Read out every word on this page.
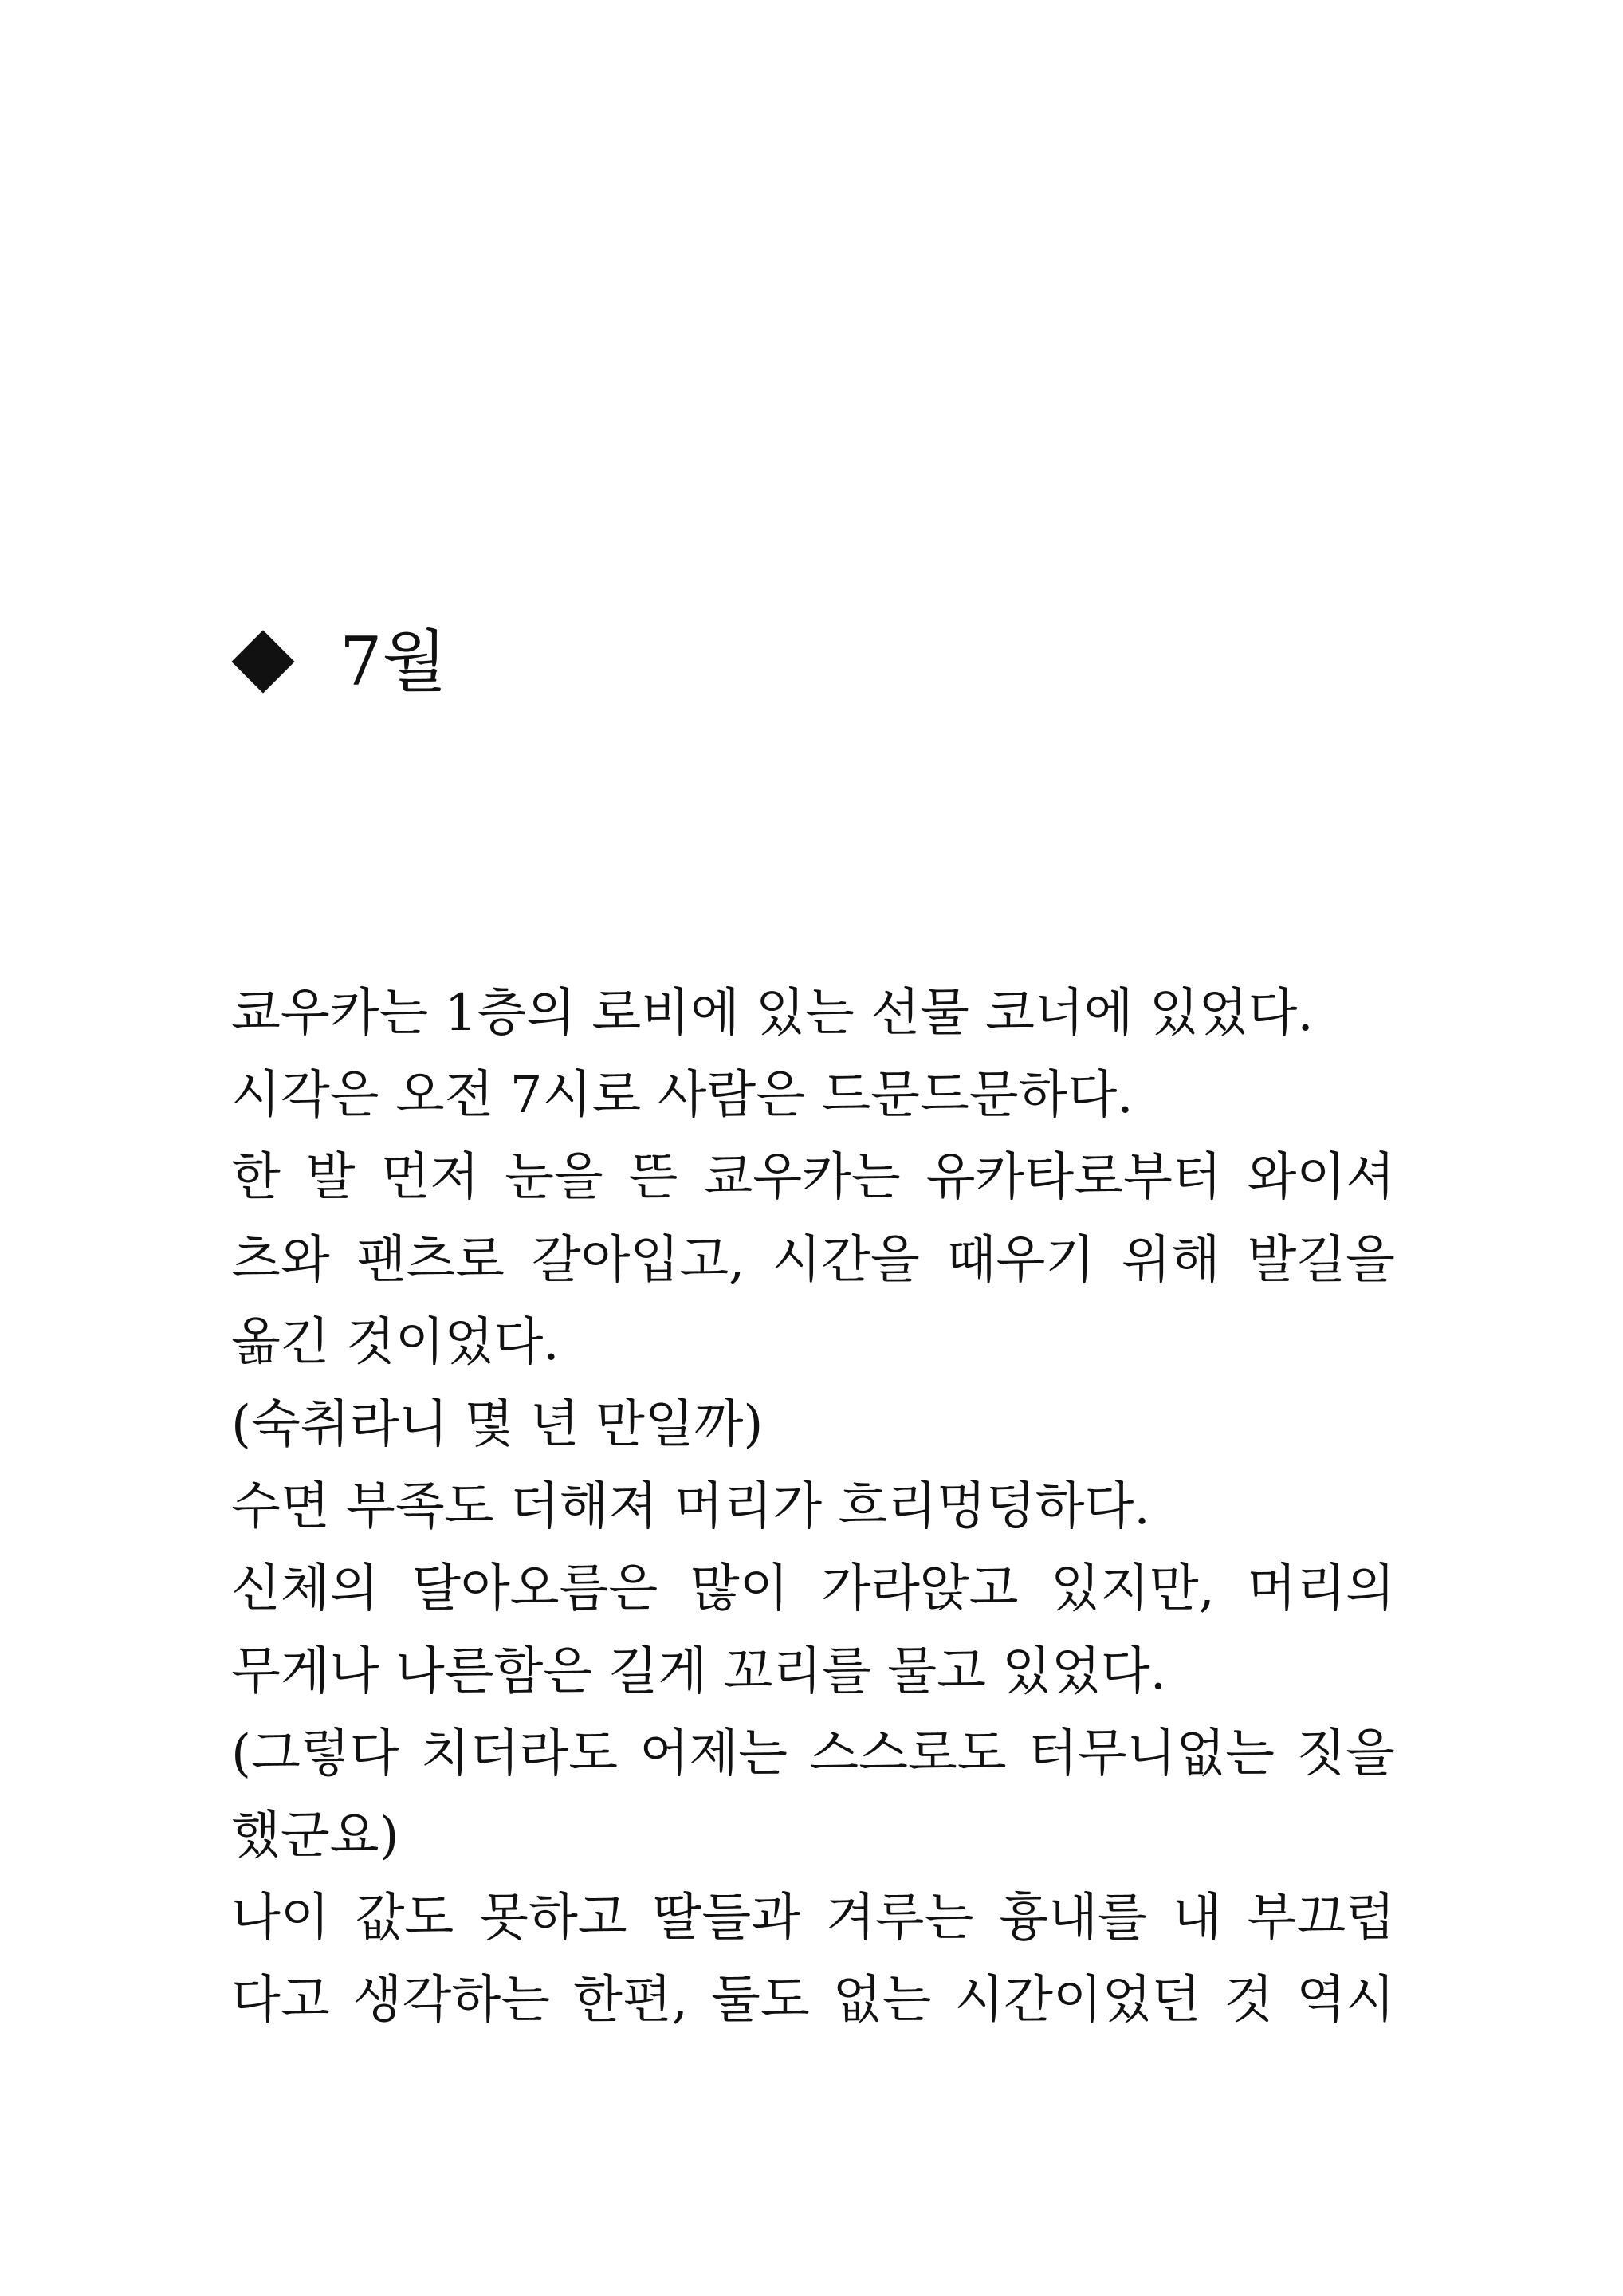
7월
쿄우카는 1층의 로비에 있는 선물 코너에 있었다.
시각은 오전 7시로 사람은 드문드문하다.
한 발 먼저 눈을 뜬 쿄우카는 유카타로부터 와이셔
츠와 팬츠로 갈아입고, 시간을 때우기 위해 발길을
옮긴 것이었다.
(숙취라니 몇 년 만일까)
수면 부족도 더해져 머리가 흐리멍덩하다.
신체의 달아오름은 많이 가라앉고 있지만, 머리의
무게나 나른함은 길게 꼬리를 물고 있었다.
(그렇다 치더라도 어제는 스스로도 터무니없는 짓을
했군요)
나이 값도 못하고 딸들과 겨루는 흉내를 내 부끄럽
다고 생각하는 한편, 둘도 없는 시간이었던 것 역시
